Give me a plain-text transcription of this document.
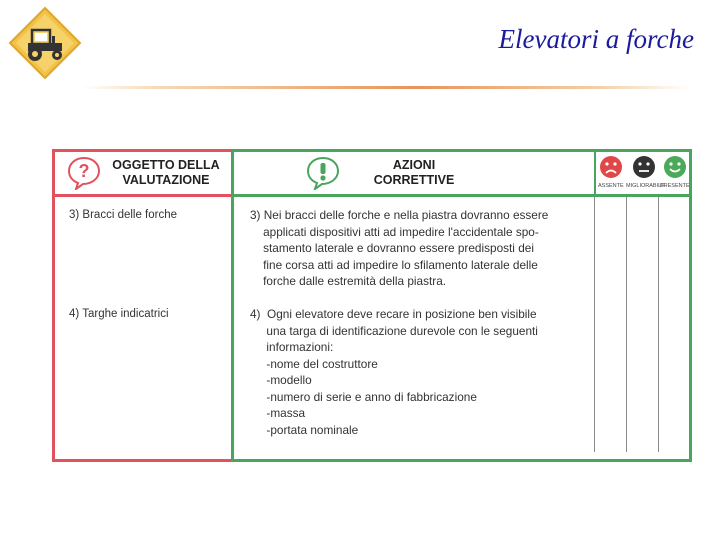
Elevatori a forche
?	OGGETTO DELLA
VALUTAZIONE
3) Bracci delle forche
4) Targhe indicatrici
AZIONI
CORRETTIVE	ASSENTE MIGLIORABILE
PRESENTE
3) Nei bracci delle forche e nella piastra dovranno essere
applicati dispositivi atti ad impedire l'accidentale spo-
stamento laterale e dovranno essere predisposti dei
fine corsa atti ad impedire lo sfilamento laterale delle
forche dalle estremità della piastra.
4)  Ogni elevatore deve recare in posizione ben visibile
una targa di identificazione durevole con le seguenti
informazioni:
-nome del costruttore
-modello
-numero di serie e anno di fabbricazione
-massa
-portata nominale
